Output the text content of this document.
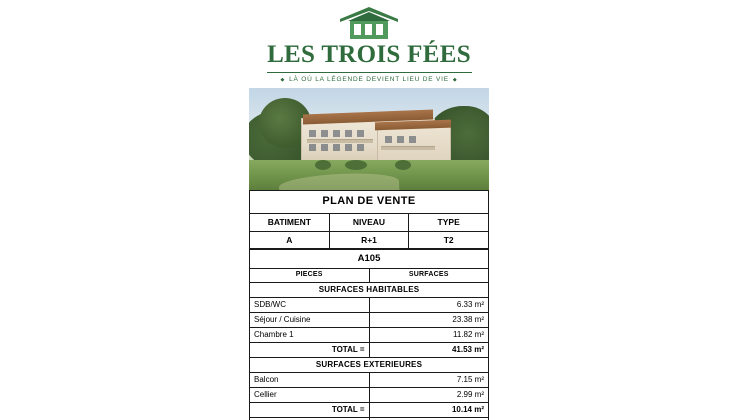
LES TROIS FÉES
◆ LÀ OÙ LA LÉGENDE DEVIENT LIEU DE VIE ◆
PLAN DE VENTE		
BATIMENT	NIVEAU	TYPE
A	R+1	T2
A105	
PIECES	SURFACES
SURFACES HABITABLES	
SDB/WC	6.33 m²
Séjour / Cuisine	23.38 m²
Chambre 1	11.82 m²
TOTAL =	41.53 m²
SURFACES EXTERIEURES	
Balcon	7.15 m²
Cellier	2.99 m²
TOTAL =	10.14 m²
